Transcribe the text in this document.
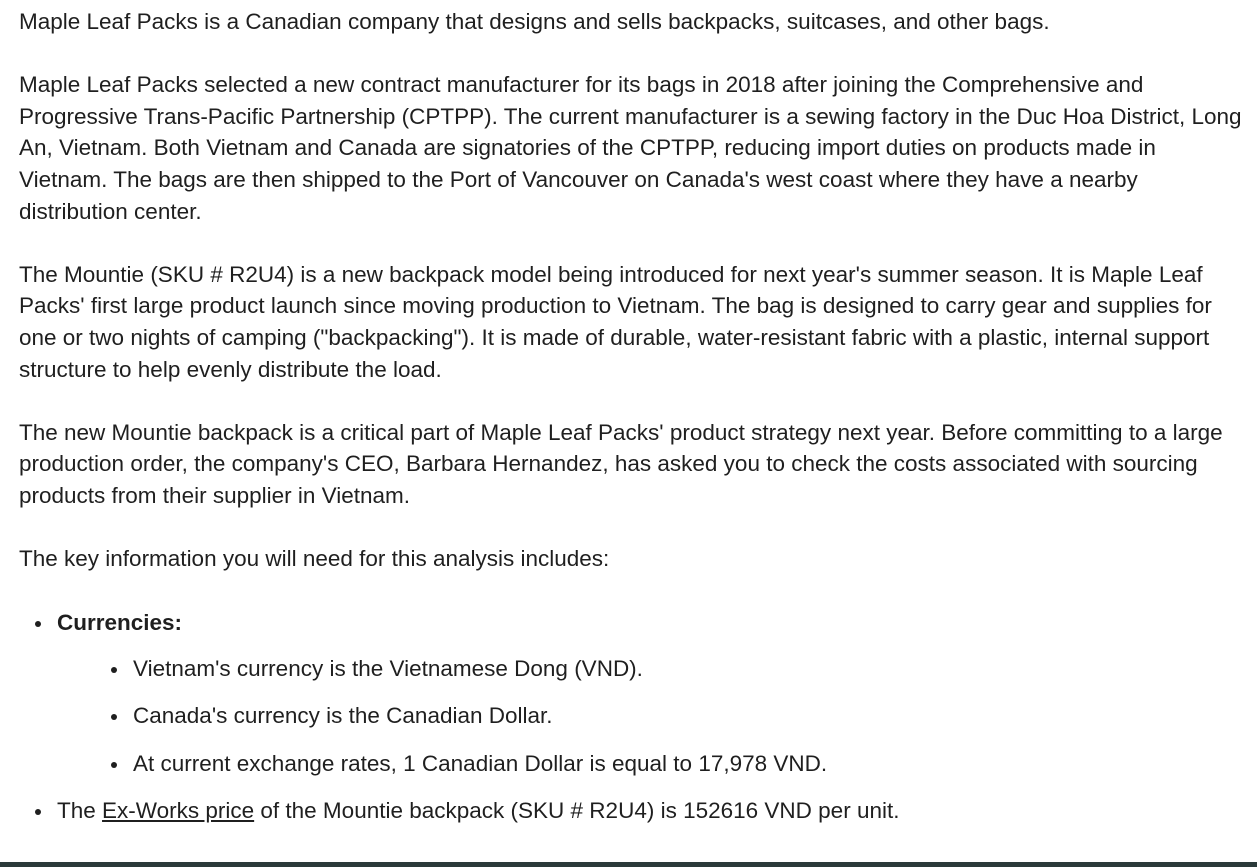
Maple Leaf Packs is a Canadian company that designs and sells backpacks, suitcases, and other bags.

Maple Leaf Packs selected a new contract manufacturer for its bags in 2018 after joining the Comprehensive and Progressive Trans-Pacific Partnership (CPTPP). The current manufacturer is a sewing factory in the Duc Hoa District, Long An, Vietnam. Both Vietnam and Canada are signatories of the CPTPP, reducing import duties on products made in Vietnam. The bags are then shipped to the Port of Vancouver on Canada's west coast where they have a nearby distribution center.

The Mountie (SKU # R2U4) is a new backpack model being introduced for next year's summer season. It is Maple Leaf Packs' first large product launch since moving production to Vietnam. The bag is designed to carry gear and supplies for one or two nights of camping ("backpacking"). It is made of durable, water-resistant fabric with a plastic, internal support structure to help evenly distribute the load.

The new Mountie backpack is a critical part of Maple Leaf Packs' product strategy next year. Before committing to a large production order, the company's CEO, Barbara Hernandez, has asked you to check the costs associated with sourcing products from their supplier in Vietnam.

The key information you will need for this analysis includes:

Currencies:
Vietnam's currency is the Vietnamese Dong (VND).
Canada's currency is the Canadian Dollar.
At current exchange rates, 1 Canadian Dollar is equal to 17,978 VND.
The Ex-Works price of the Mountie backpack (SKU # R2U4) is 152616 VND per unit.
